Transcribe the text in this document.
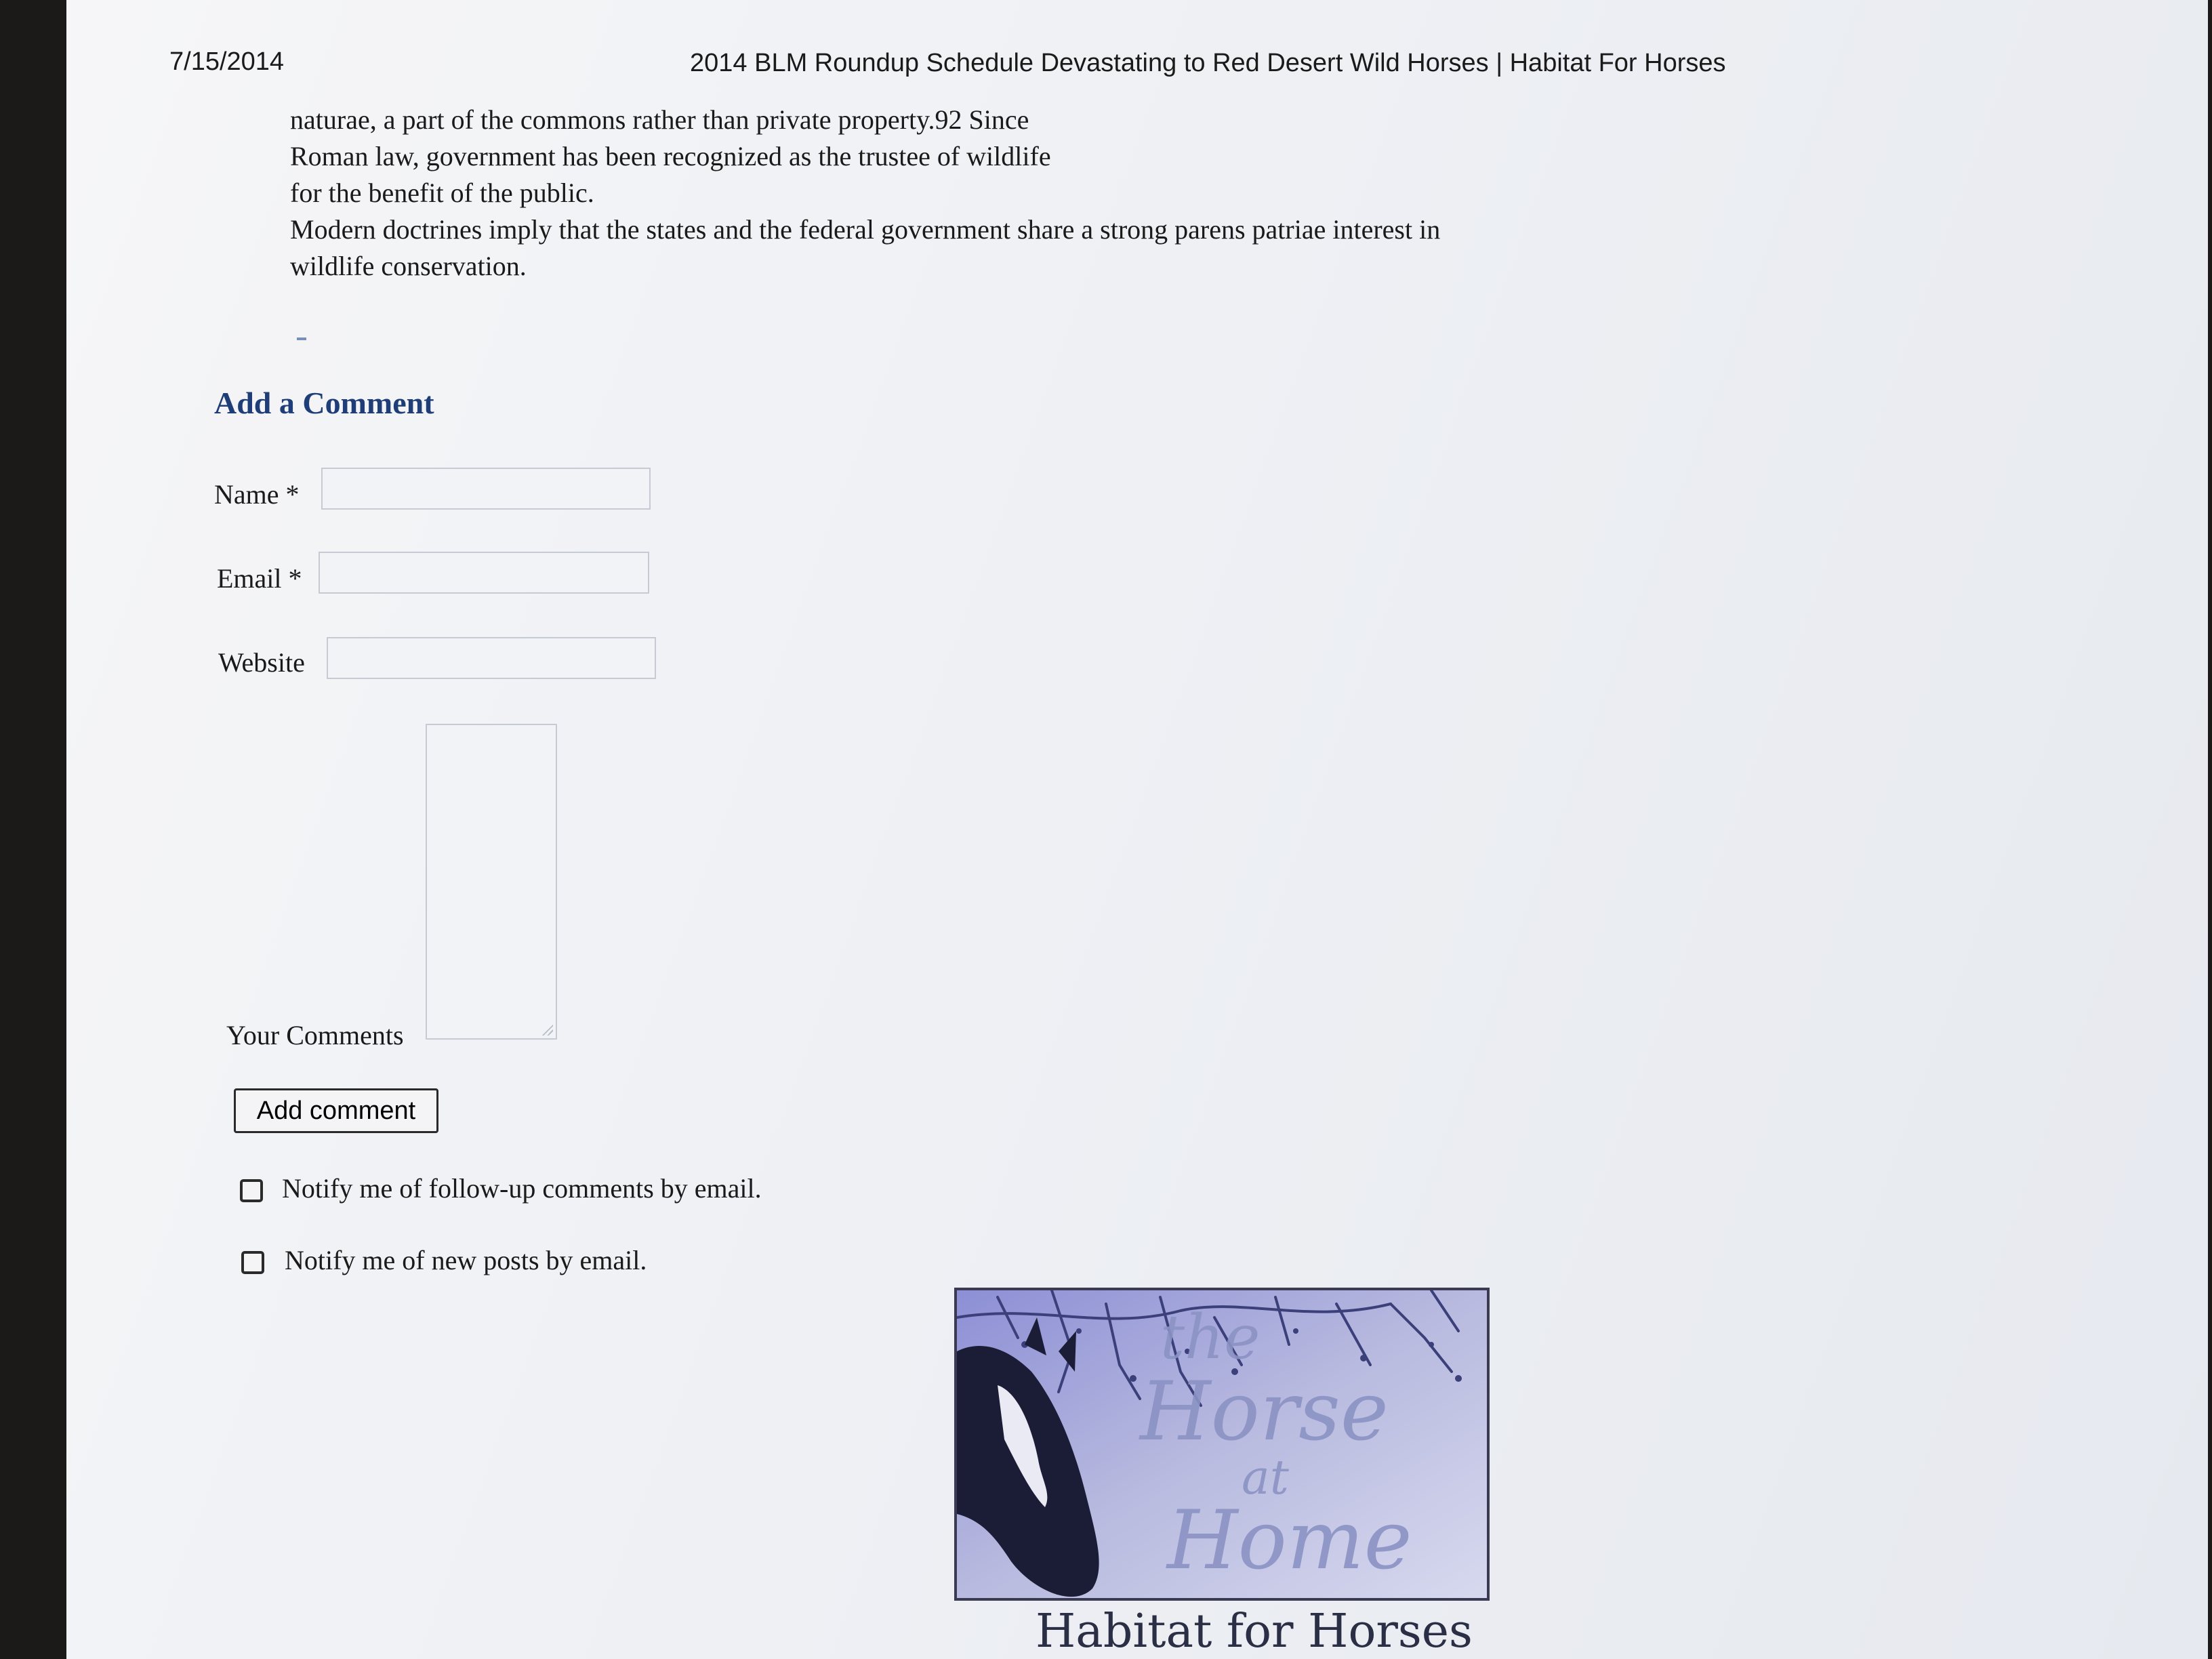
7/15/2014	2014 BLM Roundup Schedule Devastating to Red Desert Wild Horses | Habitat For Horses
naturae, a part of the commons rather than private property.92 Since
Roman law, government has been recognized as the trustee of wildlife
for the benefit of the public.
Modern doctrines imply that the states and the federal government share a strong parens patriae interest in
wildlife conservation.
Add a Comment
Name *
Email *
Website
Your Comments
Add comment
Notify me of follow-up comments by email.
Notify me of new posts by email.
the
Horse
at
Home
Habitat for Horses
